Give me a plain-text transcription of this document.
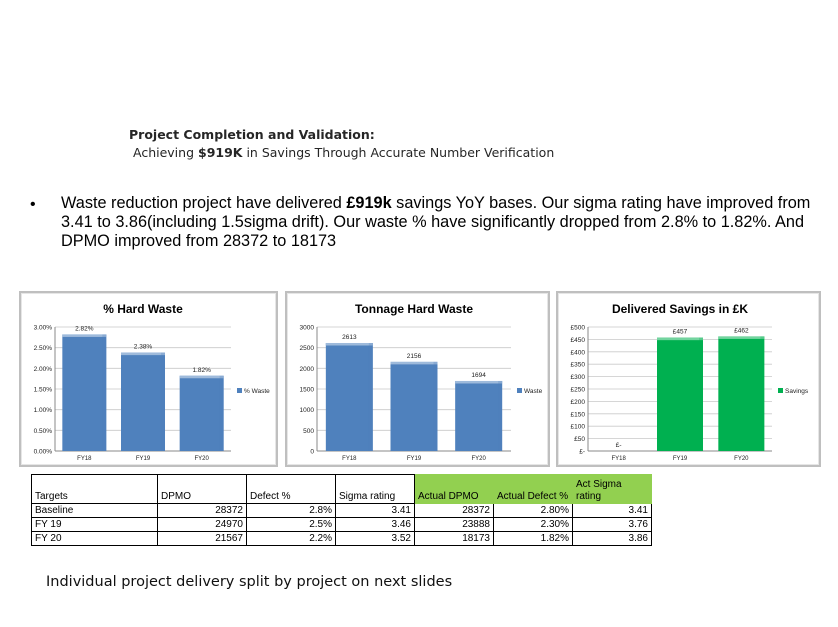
Project Completion and Validation:
Achieving $919K in Savings Through Accurate Number Verification
• Waste reduction project have delivered £919k savings YoY bases. Our sigma rating have improved from 3.41 to 3.86(including 1.5sigma drift). Our waste % have significantly dropped from 2.8% to 1.82%. And DPMO improved from 28372 to 18173
% Hard Waste
0.00%
0.50%
1.00%
1.50%
2.00%
2.50%
3.00%	2.82%
FY18
2.38%
FY19
1.82%
FY20
% Waste
Tonnage Hard Waste
0
500
1000
1500
2000
2500
3000
2613
FY18
2156
FY19
1694
FY20
Waste
Delivered Savings in £K
£-
£50
£100
£150
£200
£250
£300
£350
£400
£450
£500
£-
FY18
£457
FY19
£462
FY20
Savings
Targets	DPMO	Defect %	Sigma rating	Actual DPMO	Actual Defect %	Act Sigma rating
Baseline	28372	2.8%	3.41	28372	2.80%	3.41
FY 19	24970	2.5%	3.46	23888	2.30%	3.76
FY 20	21567	2.2%	3.52	18173	1.82%	3.86
Individual project delivery split by project on next slides
